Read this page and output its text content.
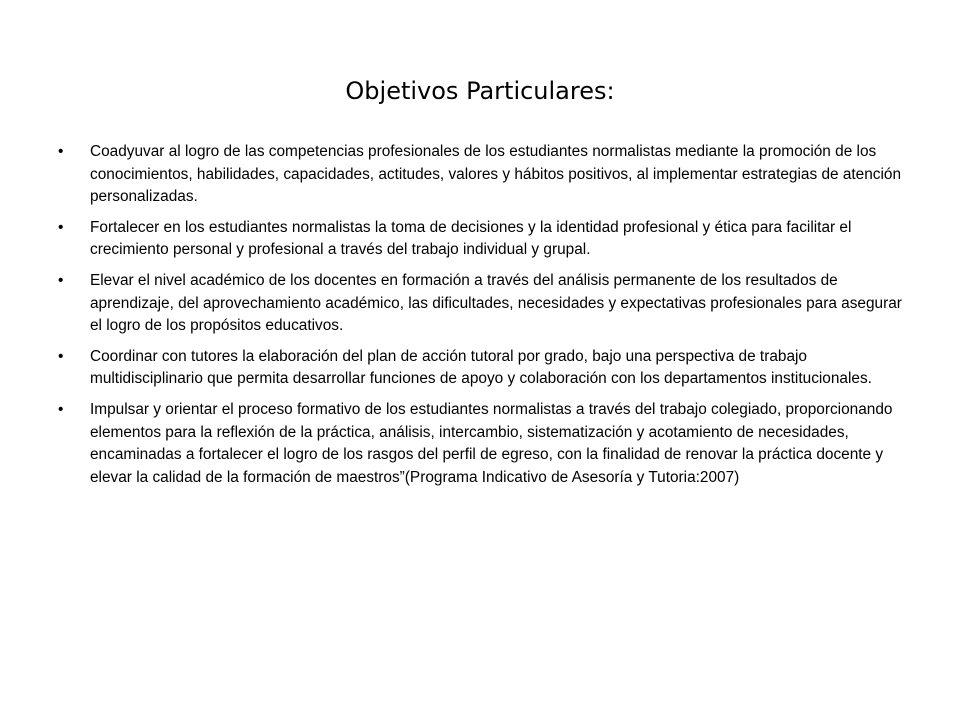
Objetivos Particulares:
• Coadyuvar al logro de las competencias profesionales de los estudiantes normalistas mediante la promoción de los conocimientos, habilidades, capacidades, actitudes, valores y hábitos positivos, al implementar estrategias de atención personalizadas.
• Fortalecer en los estudiantes normalistas la toma de decisiones y la identidad profesional y ética para facilitar el crecimiento personal y profesional a través del trabajo individual y grupal.
• Elevar el nivel académico de los docentes en formación a través del análisis permanente de los resultados de aprendizaje, del aprovechamiento académico, las dificultades, necesidades y expectativas profesionales para asegurar el logro de los propósitos educativos.
• Coordinar con tutores la elaboración del plan de acción tutoral por grado, bajo una perspectiva de trabajo multidisciplinario que permita desarrollar funciones de apoyo y colaboración con los departamentos institucionales.
• Impulsar y orientar el proceso formativo de los estudiantes normalistas a través del trabajo colegiado, proporcionando elementos para la reflexión de la práctica, análisis, intercambio, sistematización y acotamiento de necesidades, encaminadas a fortalecer el logro de los rasgos del perfil de egreso, con la finalidad de renovar la práctica docente y elevar la calidad de la formación de maestros”(Programa Indicativo de Asesoría y Tutoria:2007)
